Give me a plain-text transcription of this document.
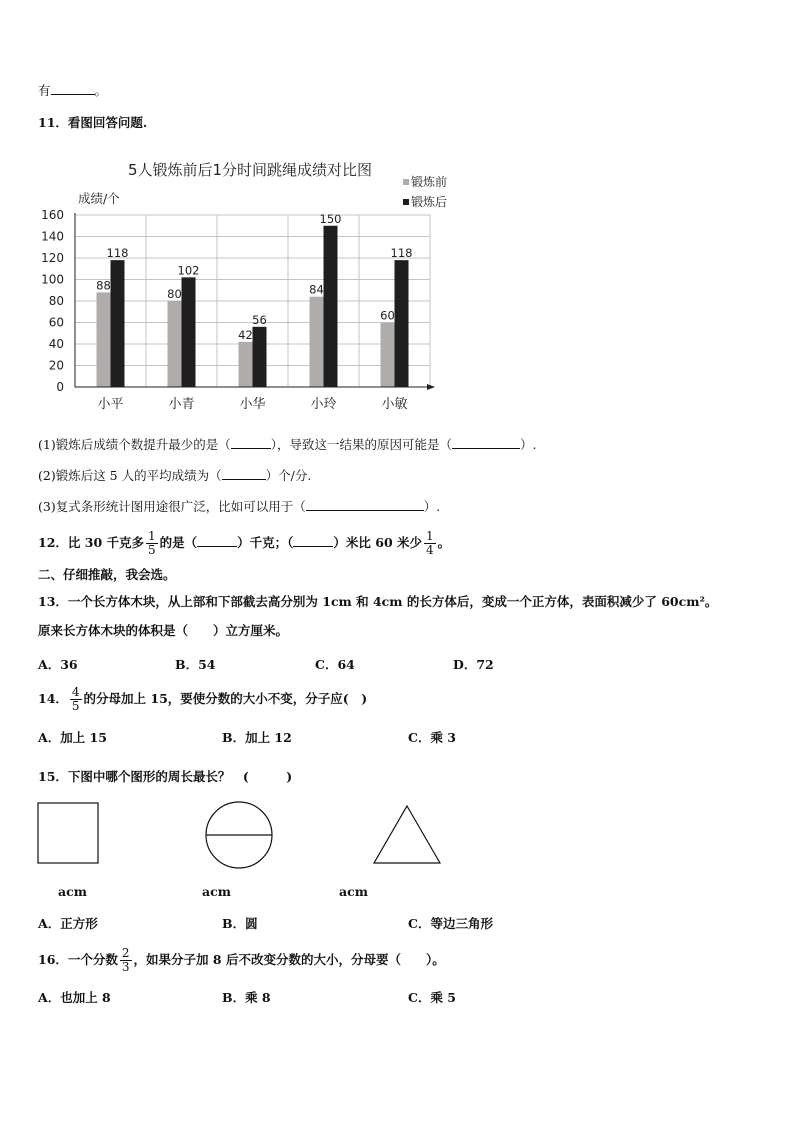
有	。
11．看图回答问题.
5人锻炼前后1分时间跳绳成绩对比图
成绩/个
锻炼前
锻炼后
88
118
80
102
42
56
84
150
60
118
0
20
40
60
80
100
120
140
160
小平	小青	小华	小玲	小敏
(1)锻炼后成绩个数提升最少的是（	），导致这一结果的原因可能是（	）.
(2)锻炼后这 5 人的平均成绩为（	）个/分.
(3)复式条形统计图用途很广泛，比如可以用于（	）.
12．比 30 千克多 $\frac{1}{5}$ 的是（	）千克；（	）米比 60 米少 $\frac{1}{4}$ 。
二、仔细推敲，我会选。
13．一个长方体木块，从上部和下部截去高分别为 1cm 和 4cm 的长方体后，变成一个正方体，表面积减少了 60cm²。
原来长方体木块的体积是（　　）立方厘米。
A．36	B．54	C．64	D．72
14． $\frac{4}{5}$ 的分母加上 15，要使分数的大小不变，分子应(　)
A．加上 15	B．加上 12	C．乘 3
15．下图中哪个图形的周长最长？　(　　　)
acm	acm	acm
A．正方形	B．圆	C．等边三角形
16．一个分数 $\frac{2}{3}$ ，如果分子加 8 后不改变分数的大小，分母要（　　）。
A．也加上 8	B．乘 8	C．乘 5
